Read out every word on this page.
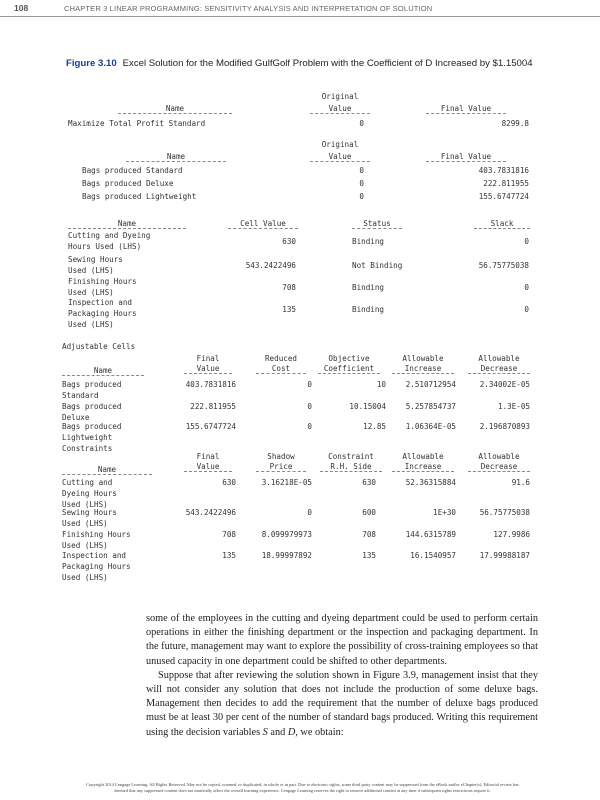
108	CHAPTER 3 LINEAR PROGRAMMING: SENSITIVITY ANALYSIS AND INTERPRETATION OF SOLUTION
Figure 3.10 Excel Solution for the Modified GulfGolf Problem with the Coefficient of D Increased by $1.15004
Original
Name	Value	Final Value
Maximize Total Profit Standard	0	8299.8
Original
Name	Value	Final Value
Bags produced Standard	0	403.7831816
Bags produced Deluxe	0	222.811955
Bags produced Lightweight	0	155.6747724
Name	Cell Value	Status	Slack
Cutting and Dyeing
Hours Used (LHS)
630	Binding	0
Sewing Hours
Used (LHS)
543.2422496	Not Binding	56.75775038
Finishing Hours
Used (LHS)
708	Binding	0
Inspection and
Packaging Hours
Used (LHS)
135	Binding	0
Adjustable Cells
Final	Reduced	Objective	Allowable	Allowable
Name	Value	Cost	Coefficient	Increase	Decrease
Bags produced
Standard
403.7831816	0	10	2.510712954	2.34002E-05
Bags produced
Deluxe
222.811955	0	10.15004	5.257854737	1.3E-05
Bags produced
Lightweight
155.6747724	0	12.85	1.06364E-05	2.196870893
Constraints
Final	Shadow	Constraint	Allowable	Allowable
Name	Value	Price	R.H. Side	Increase	Decrease
Cutting and
Dyeing Hours
Used (LHS)
630	3.16218E-05	630	52.36315884	91.6
Sewing Hours
Used (LHS)
543.2422496	0	600	1E+30	56.75775038
Finishing Hours
Used (LHS)
708	8.099979973	708	144.6315789	127.9986
Inspection and
Packaging Hours
Used (LHS)
135	18.99997892	135	16.1540957	17.99988187

some of the employees in the cutting and dyeing department could be used to perform certain operations in either the finishing department or the inspection and packaging department. In the future, management may want to explore the possibility of cross-training employees so that unused capacity in one department could be shifted to other departments.

Suppose that after reviewing the solution shown in Figure 3.9, management insist that they will not consider any solution that does not include the production of some deluxe bags. Management then decides to add the requirement that the number of deluxe bags produced must be at least 30 per cent of the number of standard bags produced. Writing this requirement using the decision variables S and D, we obtain:

Copyright 2014 Cengage Learning. All Rights Reserved. May not be copied, scanned, or duplicated, in whole or in part. Due to electronic rights, some third party content may be suppressed from the eBook and/or eChapter(s). Editorial review has
deemed that any suppressed content does not materially affect the overall learning experience. Cengage Learning reserves the right to remove additional content at any time if subsequent rights restrictions require it.
